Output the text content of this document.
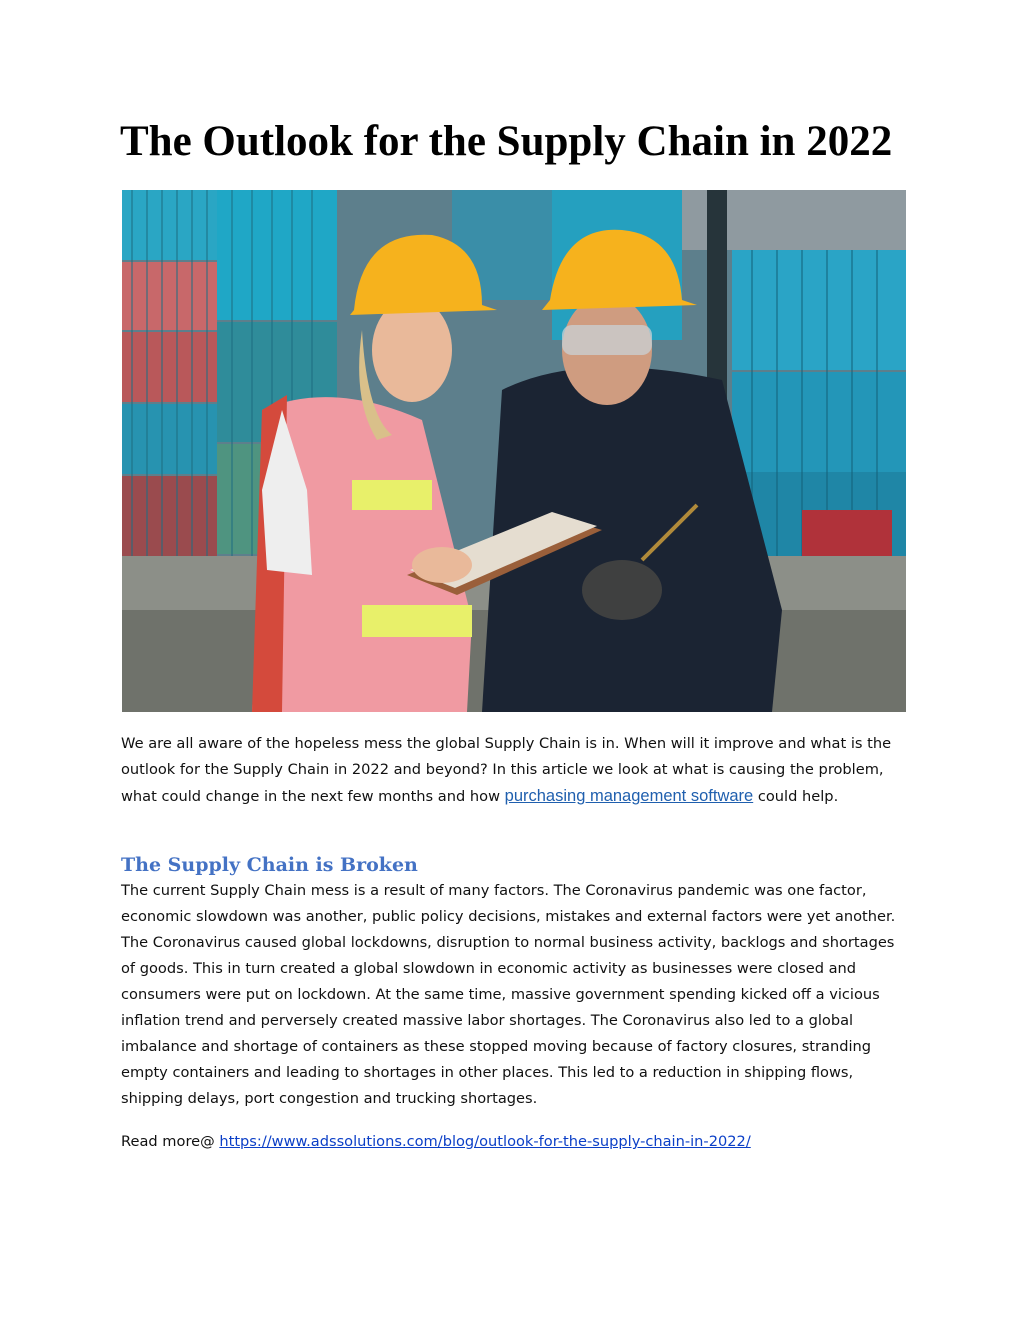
The Outlook for the Supply Chain in 2022

We are all aware of the hopeless mess the global Supply Chain is in. When will it improve and what is the outlook for the Supply Chain in 2022 and beyond? In this article we look at what is causing the problem, what could change in the next few months and how purchasing management software could help.

The Supply Chain is Broken

The current Supply Chain mess is a result of many factors. The Coronavirus pandemic was one factor, economic slowdown was another, public policy decisions, mistakes and external factors were yet another. The Coronavirus caused global lockdowns, disruption to normal business activity, backlogs and shortages of goods. This in turn created a global slowdown in economic activity as businesses were closed and consumers were put on lockdown. At the same time, massive government spending kicked off a vicious inflation trend and perversely created massive labor shortages. The Coronavirus also led to a global imbalance and shortage of containers as these stopped moving because of factory closures, stranding empty containers and leading to shortages in other places. This led to a reduction in shipping flows, shipping delays, port congestion and trucking shortages.

Read more@ https://www.adssolutions.com/blog/outlook-for-the-supply-chain-in-2022/
